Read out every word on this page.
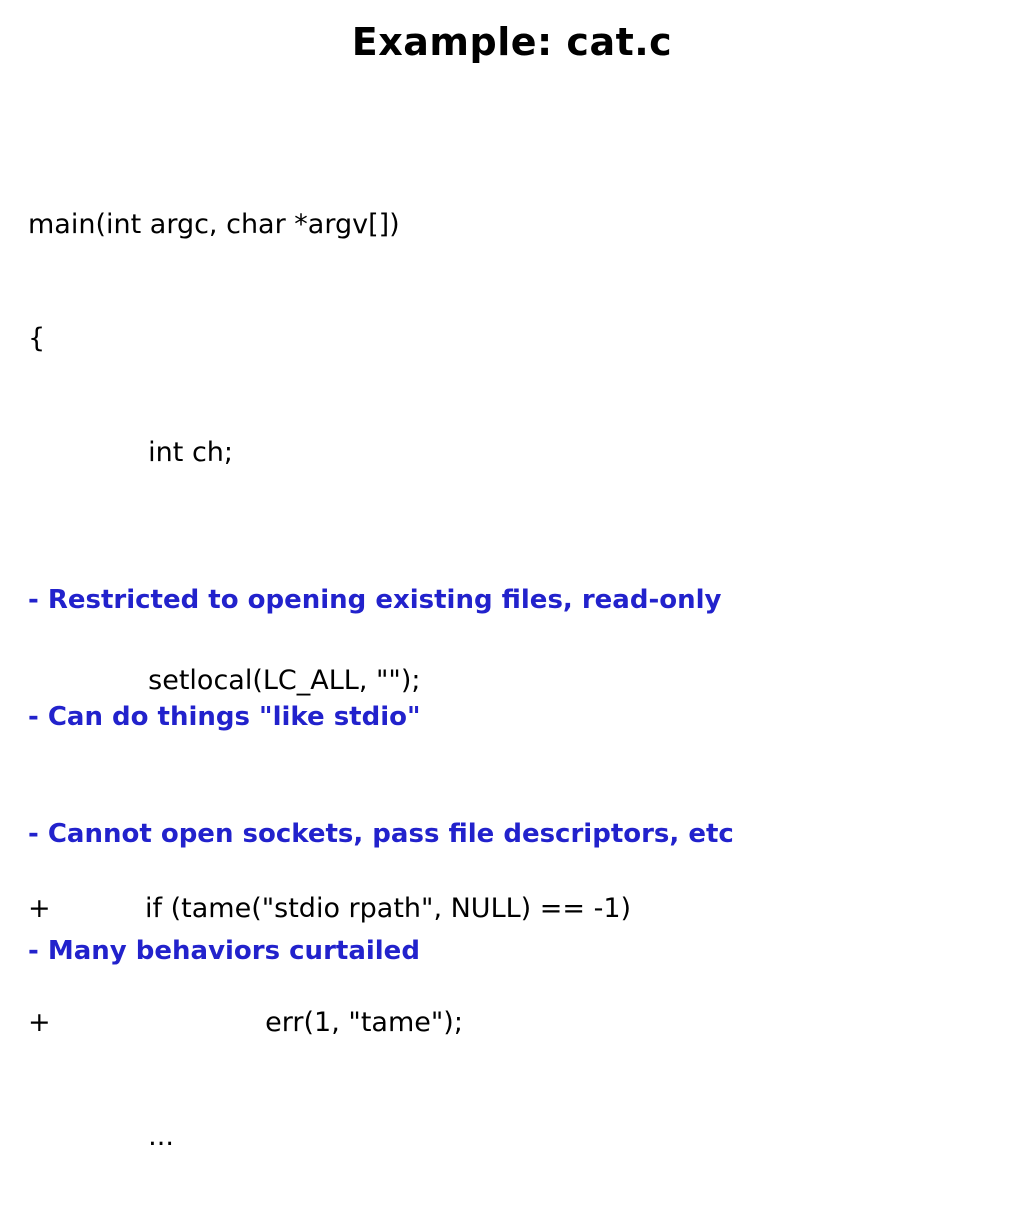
Example: cat.c

main(int argc, char *argv[])

{

int ch;

setlocal(LC_ALL, "");

+           if (tame("stdio rpath", NULL) == -1)

+                         err(1, "tame");

...

- Restricted to opening existing files, read-only

- Can do things "like stdio"

- Cannot open sockets, pass file descriptors, etc

- Many behaviors curtailed
